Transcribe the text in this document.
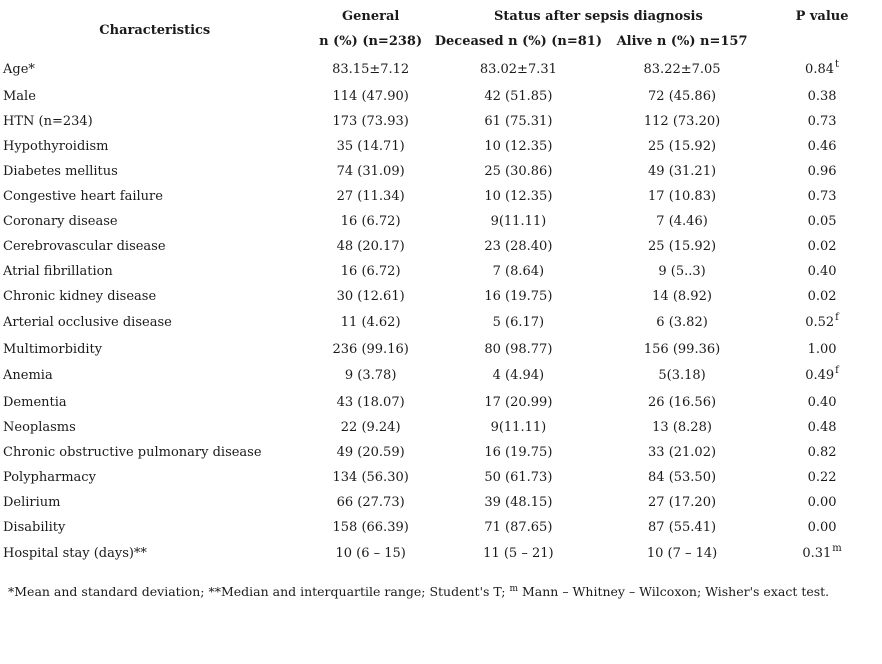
Characteristics	General	Status after sepsis diagnosis		P value
	n (%) (n=238)	Deceased n (%) (n=81)	Alive n (%) n=157	
Age*	83.15±7.12	83.02±7.31	83.22±7.05	0.84$^t$
Male	114 (47.90)	42 (51.85)	72 (45.86)	0.38
HTN (n=234)	173 (73.93)	61 (75.31)	112 (73.20)	0.73
Hypothyroidism	35 (14.71)	10 (12.35)	25 (15.92)	0.46
Diabetes mellitus	74 (31.09)	25 (30.86)	49 (31.21)	0.96
Congestive heart failure	27 (11.34)	10 (12.35)	17 (10.83)	0.73
Coronary disease	16 (6.72)	9(11.11)	7 (4.46)	0.05
Cerebrovascular disease	48 (20.17)	23 (28.40)	25 (15.92)	0.02
Atrial fibrillation	16 (6.72)	7 (8.64)	9 (5..3)	0.40
Chronic kidney disease	30 (12.61)	16 (19.75)	14 (8.92)	0.02
Arterial occlusive disease	11 (4.62)	5 (6.17)	6 (3.82)	0.52$^f$
Multimorbidity	236 (99.16)	80 (98.77)	156 (99.36)	1.00
Anemia	9 (3.78)	4 (4.94)	5(3.18)	0.49$^f$
Dementia	43 (18.07)	17 (20.99)	26 (16.56)	0.40
Neoplasms	22 (9.24)	9(11.11)	13 (8.28)	0.48
Chronic obstructive pulmonary disease	49 (20.59)	16 (19.75)	33 (21.02)	0.82
Polypharmacy	134 (56.30)	50 (61.73)	84 (53.50)	0.22
Delirium	66 (27.73)	39 (48.15)	27 (17.20)	0.00
Disability	158 (66.39)	71 (87.65)	87 (55.41)	0.00
Hospital stay (days)**	10 (6 – 15)	11 (5 – 21)	10 (7 – 14)	0.31$^m$
*Mean and standard deviation; **Median and interquartile range; Student's T; $^m$ Mann – Whitney – Wilcoxon; Wisher's exact test.
